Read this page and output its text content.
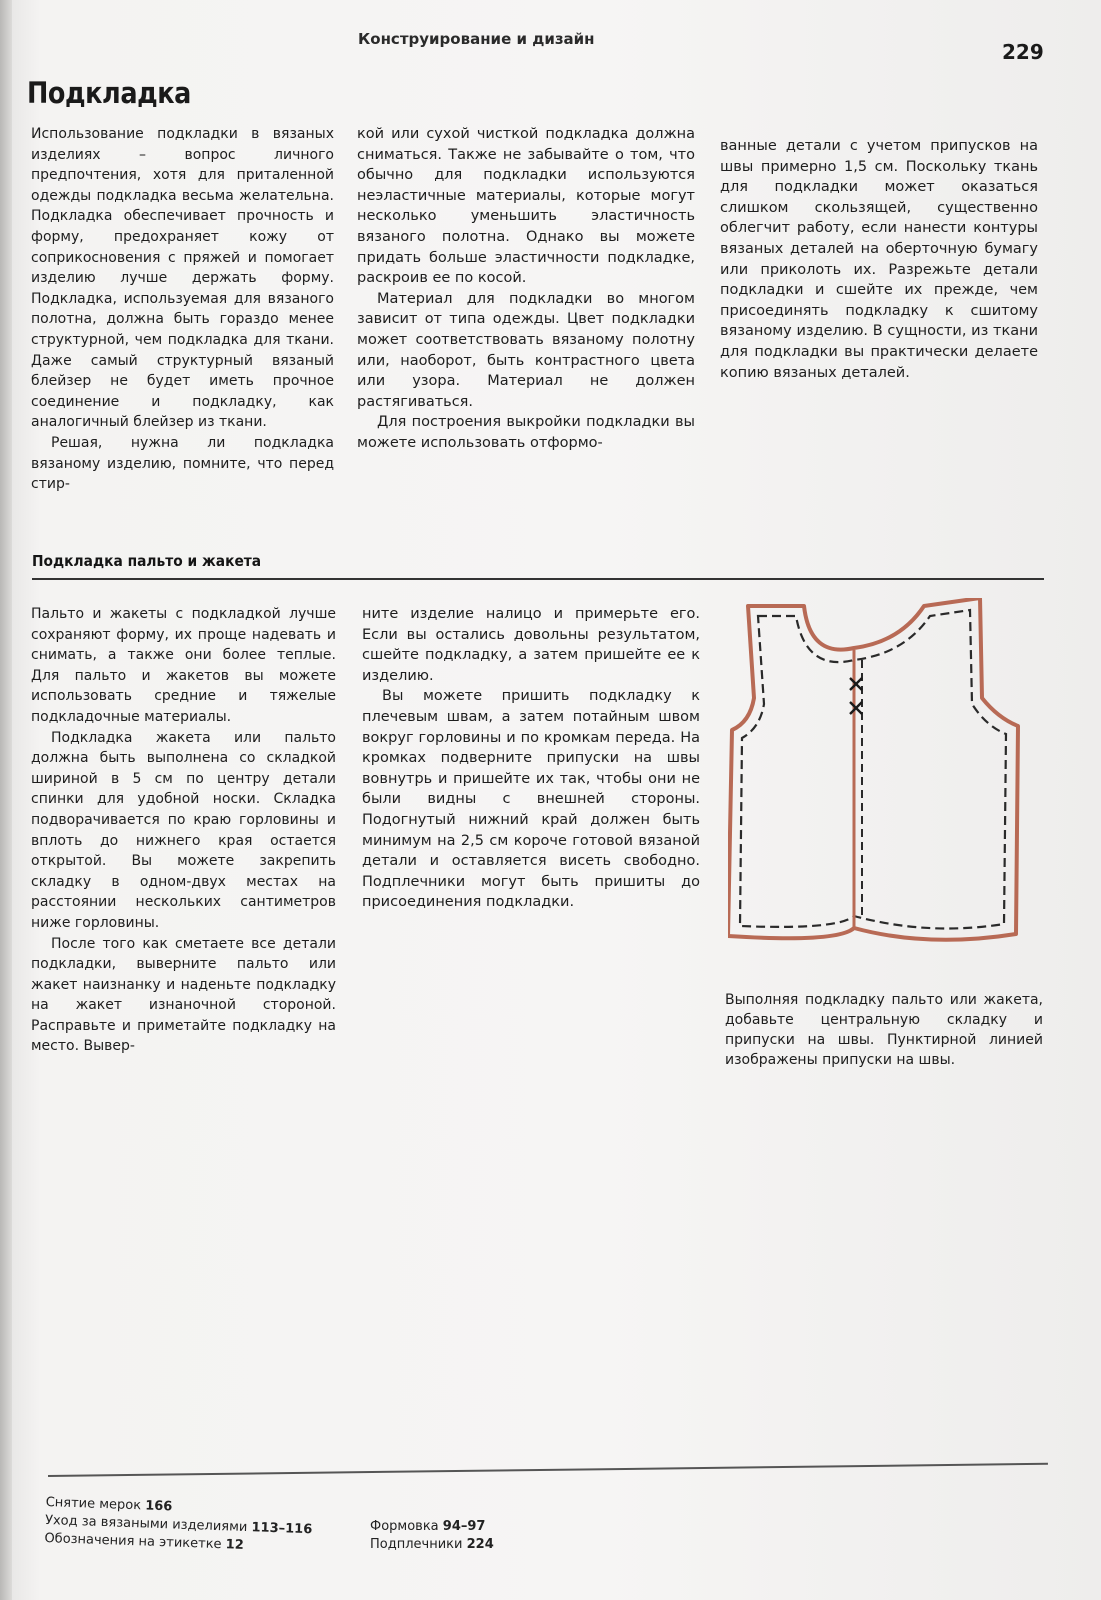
Конструирование и дизайн
229
Подкладка

Использование подкладки в вязаных изделиях – вопрос личного предпочтения, хотя для приталенной одежды подкладка весьма желательна. Подкладка обеспечивает прочность и форму, предохраняет кожу от соприкосновения с пряжей и помогает изделию лучше держать форму. Подкладка, используемая для вязаного полотна, должна быть гораздо менее структурной, чем подкладка для ткани. Даже самый структурный вязаный блейзер не будет иметь прочное соединение и подкладку, как аналогичный блейзер из ткани.

Решая, нужна ли подкладка вязаному изделию, помните, что перед стир-

кой или сухой чисткой подкладка должна сниматься. Также не забывайте о том, что обычно для подкладки используются неэластичные материалы, которые могут несколько уменьшить эластичность вязаного полотна. Однако вы можете придать больше эластичности подкладке, раскроив ее по косой.

Материал для подкладки во многом зависит от типа одежды. Цвет подкладки может соответствовать вязаному полотну или, наоборот, быть контрастного цвета или узора. Материал не должен растягиваться.

Для построения выкройки подкладки вы можете использовать отформо-

ванные детали с учетом припусков на швы примерно 1,5 см. Поскольку ткань для подкладки может оказаться слишком скользящей, существенно облегчит работу, если нанести контуры вязаных деталей на оберточную бумагу или приколоть их. Разрежьте детали подкладки и сшейте их прежде, чем присоединять подкладку к сшитому вязаному изделию. В сущности, из ткани для подкладки вы практически делаете копию вязаных деталей.

Подкладка пальто и жакета

Пальто и жакеты с подкладкой лучше сохраняют форму, их проще надевать и снимать, а также они более теплые. Для пальто и жакетов вы можете использовать средние и тяжелые подкладочные материалы.

Подкладка жакета или пальто должна быть выполнена со складкой шириной в 5 см по центру детали спинки для удобной носки. Складка подворачивается по краю горловины и вплоть до нижнего края остается открытой. Вы можете закрепить складку в одном-двух местах на расстоянии нескольких сантиметров ниже горловины.

После того как сметаете все детали подкладки, выверните пальто или жакет наизнанку и наденьте подкладку на жакет изнаночной стороной. Расправьте и приметайте подкладку на место. Вывер-

ните изделие налицо и примерьте его. Если вы остались довольны результатом, сшейте подкладку, а затем пришейте ее к изделию.

Вы можете пришить подкладку к плечевым швам, а затем потайным швом вокруг горловины и по кромкам переда. На кромках подверните припуски на швы вовнутрь и пришейте их так, чтобы они не были видны с внешней стороны. Подогнутый нижний край должен быть минимум на 2,5 см короче готовой вязаной детали и оставляется висеть свободно. Подплечники могут быть пришиты до присоединения подкладки.

Выполняя подкладку пальто или жакета, добавьте центральную складку и припуски на швы. Пунктирной линией изображены припуски на швы.
Снятие мерок 166
Уход за вязаными изделиями 113–116
Обозначения на этикетке 12
Формовка 94–97
Подплечники 224
